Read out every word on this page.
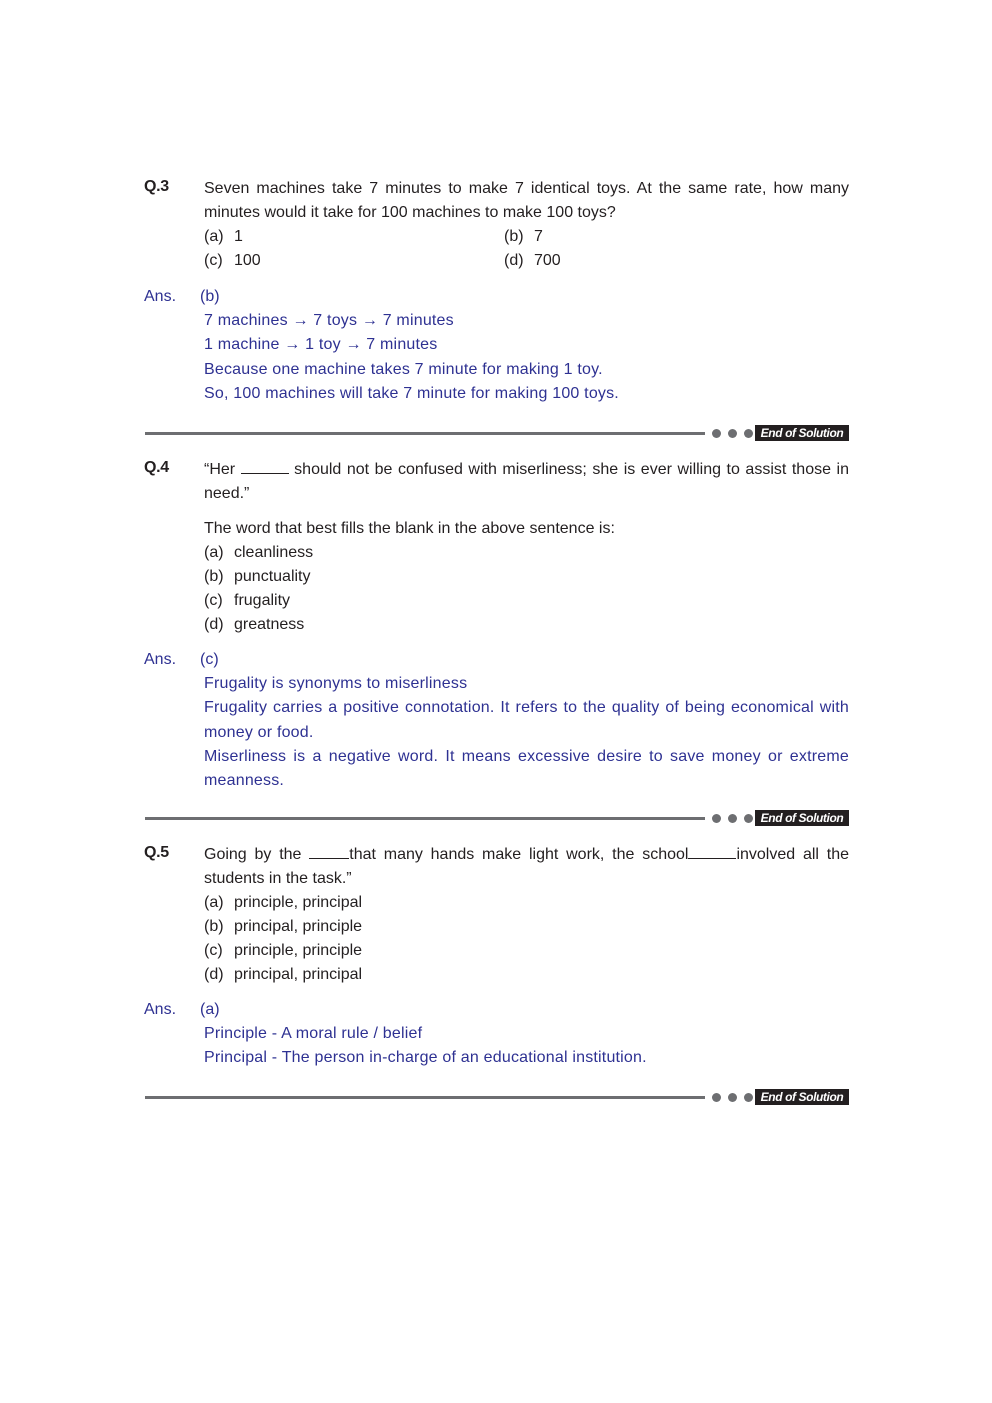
Q.3 Seven machines take 7 minutes to make 7 identical toys. At the same rate, how many minutes would it take for 100 machines to make 100 toys?

(a) 1	(b) 7
(c) 100	(d) 700
Ans. (b)

7 machines → 7 toys → 7 minutes

1 machine → 1 toy → 7 minutes

Because one machine takes 7 minute for making 1 toy.

So, 100 machines will take 7 minute for making 100 toys.

End of Solution
Q.4 “Her	should not be confused with miserliness; she is ever willing to assist those in need.”

The word that best fills the blank in the above sentence is:

(a) cleanliness
(b) punctuality
(c) frugality
(d) greatness
Ans. (c)

Frugality is synonyms to miserliness

Frugality carries a positive connotation. It refers to the quality of being economical with money or food.

Miserliness is a negative word. It means excessive desire to save money or extreme meanness.

End of Solution
Q.5 Going by the	that many hands make light work, the school	involved all the students in the task.”

(a) principle, principal
(b) principal, principle
(c) principle, principle
(d) principal, principal
Ans. (a)

Principle - A moral rule / belief

Principal - The person in-charge of an educational institution.

End of Solution
